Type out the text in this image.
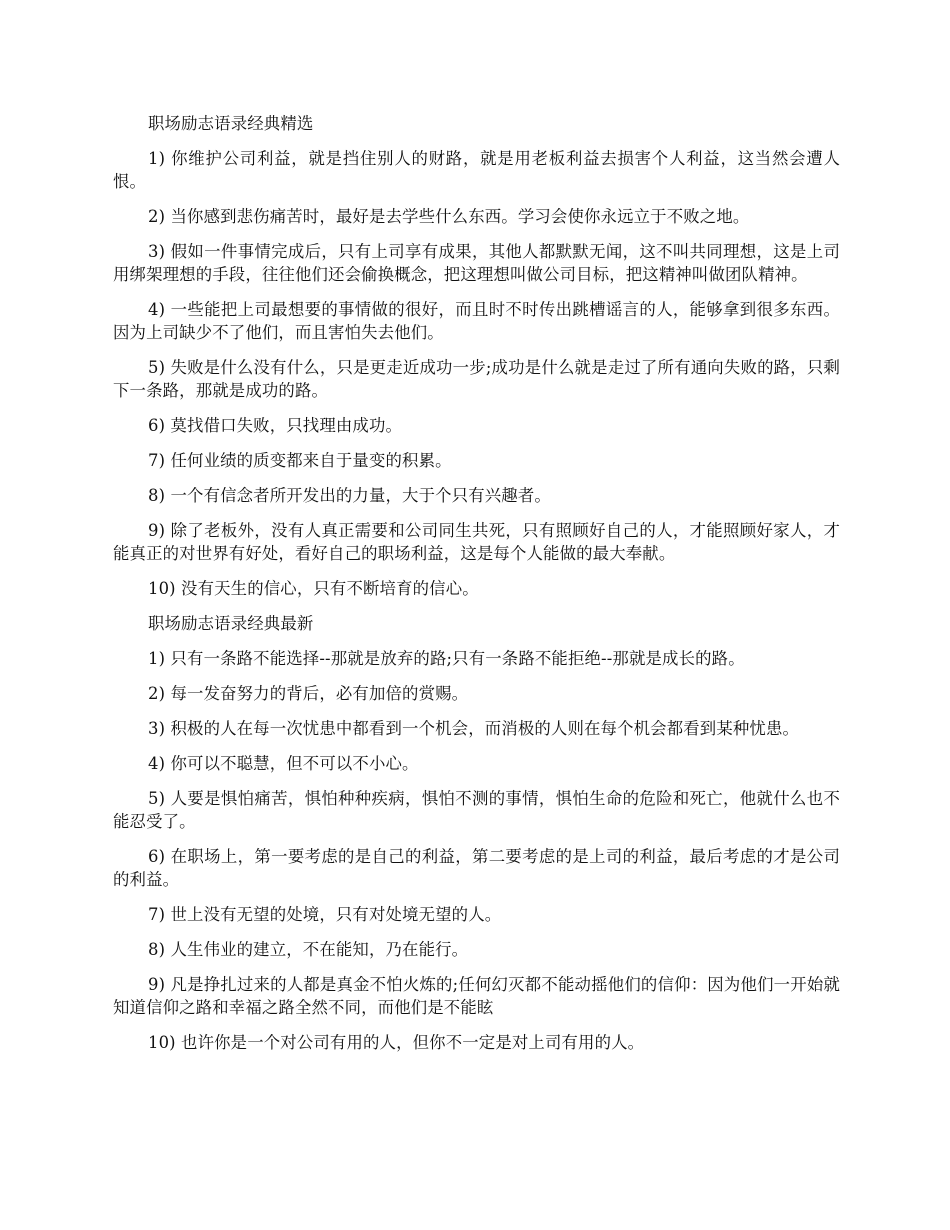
职场励志语录经典精选

1) 你维护公司利益，就是挡住别人的财路，就是用老板利益去损害个人利益，这当然会遭人恨。

2) 当你感到悲伤痛苦时，最好是去学些什么东西。学习会使你永远立于不败之地。

3) 假如一件事情完成后，只有上司享有成果，其他人都默默无闻，这不叫共同理想，这是上司用绑架理想的手段，往往他们还会偷换概念，把这理想叫做公司目标，把这精神叫做团队精神。

4) 一些能把上司最想要的事情做的很好，而且时不时传出跳槽谣言的人，能够拿到很多东西。因为上司缺少不了他们，而且害怕失去他们。

5) 失败是什么没有什么，只是更走近成功一步;成功是什么就是走过了所有通向失败的路，只剩下一条路，那就是成功的路。

6) 莫找借口失败，只找理由成功。

7) 任何业绩的质变都来自于量变的积累。

8) 一个有信念者所开发出的力量，大于个只有兴趣者。

9) 除了老板外，没有人真正需要和公司同生共死，只有照顾好自己的人，才能照顾好家人，才能真正的对世界有好处，看好自己的职场利益，这是每个人能做的最大奉献。

10) 没有天生的信心，只有不断培育的信心。

职场励志语录经典最新

1) 只有一条路不能选择--那就是放弃的路;只有一条路不能拒绝--那就是成长的路。

2) 每一发奋努力的背后，必有加倍的赏赐。

3) 积极的人在每一次忧患中都看到一个机会，而消极的人则在每个机会都看到某种忧患。

4) 你可以不聪慧，但不可以不小心。

5) 人要是惧怕痛苦，惧怕种种疾病，惧怕不测的事情，惧怕生命的危险和死亡，他就什么也不能忍受了。

6) 在职场上，第一要考虑的是自己的利益，第二要考虑的是上司的利益，最后考虑的才是公司的利益。

7) 世上没有无望的处境，只有对处境无望的人。

8) 人生伟业的建立，不在能知，乃在能行。

9) 凡是挣扎过来的人都是真金不怕火炼的;任何幻灭都不能动摇他们的信仰：因为他们一开始就知道信仰之路和幸福之路全然不同，而他们是不能眩

10) 也许你是一个对公司有用的人，但你不一定是对上司有用的人。
